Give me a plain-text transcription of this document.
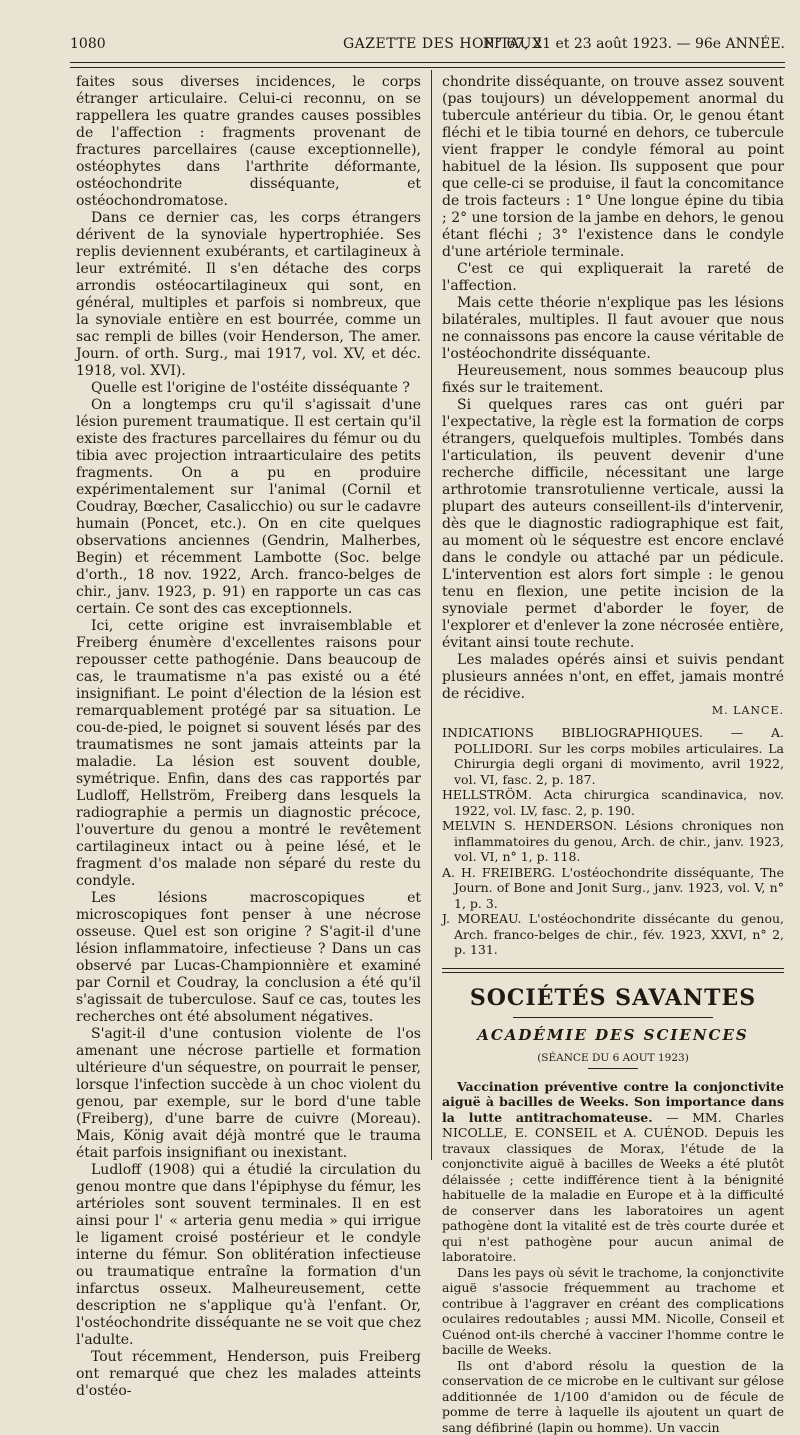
1080	GAZETTE DES HOPITAUX
N° 67, 21 et 23 août 1923. — 96e ANNÉE.

faites sous diverses incidences, le corps étranger articulaire. Celui-ci reconnu, on se rappellera les quatre grandes causes possibles de l'affection : fragments provenant de fractures parcellaires (cause exceptionnelle), ostéophytes dans l'arthrite déformante, ostéochondrite disséquante, et ostéochondromatose.

Dans ce dernier cas, les corps étrangers dérivent de la synoviale hypertrophiée. Ses replis deviennent exubérants, et cartilagineux à leur extrémité. Il s'en détache des corps arrondis ostéocartilagineux qui sont, en général, multiples et parfois si nombreux, que la synoviale entière en est bourrée, comme un sac rempli de billes (voir Henderson, The amer. Journ. of orth. Surg., mai 1917, vol. XV, et déc. 1918, vol. XVI).

Quelle est l'origine de l'ostéite disséquante ?

On a longtemps cru qu'il s'agissait d'une lésion purement traumatique. Il est certain qu'il existe des fractures parcellaires du fémur ou du tibia avec projection intraarticulaire des petits fragments. On a pu en produire expérimentalement sur l'animal (Cornil et Coudray, Bœcher, Casalicchio) ou sur le cadavre humain (Poncet, etc.). On en cite quelques observations anciennes (Gendrin, Malherbes, Begin) et récemment Lambotte (Soc. belge d'orth., 18 nov. 1922, Arch. franco-belges de chir., janv. 1923, p. 91) en rapporte un cas cas certain. Ce sont des cas exceptionnels.

Ici, cette origine est invraisemblable et Freiberg énumère d'excellentes raisons pour repousser cette pathogénie. Dans beaucoup de cas, le traumatisme n'a pas existé ou a été insignifiant. Le point d'élection de la lésion est remarquablement protégé par sa situation. Le cou-de-pied, le poignet si souvent lésés par des traumatismes ne sont jamais atteints par la maladie. La lésion est souvent double, symétrique. Enfin, dans des cas rapportés par Ludloff, Hellström, Freiberg dans lesquels la radiographie a permis un diagnostic précoce, l'ouverture du genou a montré le revêtement cartilagineux intact ou à peine lésé, et le fragment d'os malade non séparé du reste du condyle.

Les lésions macroscopiques et microscopiques font penser à une nécrose osseuse. Quel est son origine ? S'agit-il d'une lésion inflammatoire, infectieuse ? Dans un cas observé par Lucas-Championnière et examiné par Cornil et Coudray, la conclusion a été qu'il s'agissait de tuberculose. Sauf ce cas, toutes les recherches ont été absolument négatives.

S'agit-il d'une contusion violente de l'os amenant une nécrose partielle et formation ultérieure d'un séquestre, on pourrait le penser, lorsque l'infection succède à un choc violent du genou, par exemple, sur le bord d'une table (Freiberg), d'une barre de cuivre (Moreau). Mais, König avait déjà montré que le trauma était parfois insignifiant ou inexistant.

Ludloff (1908) qui a étudié la circulation du genou montre que dans l'épiphyse du fémur, les artérioles sont souvent terminales. Il en est ainsi pour l' « arteria genu media » qui irrigue le ligament croisé postérieur et le condyle interne du fémur. Son oblitération infectieuse ou traumatique entraîne la formation d'un infarctus osseux. Malheureusement, cette description ne s'applique qu'à l'enfant. Or, l'ostéochondrite disséquante ne se voit que chez l'adulte.

Tout récemment, Henderson, puis Freiberg ont remarqué que chez les malades atteints d'ostéo-

chondrite disséquante, on trouve assez souvent (pas toujours) un développement anormal du tubercule antérieur du tibia. Or, le genou étant fléchi et le tibia tourné en dehors, ce tubercule vient frapper le condyle fémoral au point habituel de la lésion. Ils supposent que pour que celle-ci se produise, il faut la concomitance de trois facteurs : 1° Une longue épine du tibia ; 2° une torsion de la jambe en dehors, le genou étant fléchi ; 3° l'existence dans le condyle d'une artériole terminale.

C'est ce qui expliquerait la rareté de l'affection.

Mais cette théorie n'explique pas les lésions bilatérales, multiples. Il faut avouer que nous ne connaissons pas encore la cause véritable de l'ostéochondrite disséquante.

Heureusement, nous sommes beaucoup plus fixés sur le traitement.

Si quelques rares cas ont guéri par l'expectative, la règle est la formation de corps étrangers, quelquefois multiples. Tombés dans l'articulation, ils peuvent devenir d'une recherche difficile, nécessitant une large arthrotomie transrotulienne verticale, aussi la plupart des auteurs conseillent-ils d'intervenir, dès que le diagnostic radiographique est fait, au moment où le séquestre est encore enclavé dans le condyle ou attaché par un pédicule. L'intervention est alors fort simple : le genou tenu en flexion, une petite incision de la synoviale permet d'aborder le foyer, de l'explorer et d'enlever la zone nécrosée entière, évitant ainsi toute rechute.

Les malades opérés ainsi et suivis pendant plusieurs années n'ont, en effet, jamais montré de récidive.

M. LANCE.

INDICATIONS BIBLIOGRAPHIQUES. — A. POLLIDORI. Sur les corps mobiles articulaires. La Chirurgia degli organi di movimento, avril 1922, vol. VI, fasc. 2, p. 187.

HELLSTRÖM. Acta chirurgica scandinavica, nov. 1922, vol. LV, fasc. 2, p. 190.

MELVIN S. HENDERSON. Lésions chroniques non inflammatoires du genou, Arch. de chir., janv. 1923, vol. VI, n° 1, p. 118.

A. H. FREIBERG. L'ostéochondrite disséquante, The Journ. of Bone and Jonit Surg., janv. 1923, vol. V, n° 1, p. 3.

J. MOREAU. L'ostéochondrite dissécante du genou, Arch. franco-belges de chir., fév. 1923, XXVI, n° 2, p. 131.

SOCIÉTÉS SAVANTES
ACADÉMIE DES SCIENCES
(SÉANCE DU 6 AOUT 1923)

Vaccination préventive contre la conjonctivite aiguë à bacilles de Weeks. Son importance dans la lutte antitrachomateuse. — MM. Charles NICOLLE, E. CONSEIL et A. CUÉNOD. Depuis les travaux classiques de Morax, l'étude de la conjonctivite aiguë à bacilles de Weeks a été plutôt délaissée ; cette indifférence tient à la bénignité habituelle de la maladie en Europe et à la difficulté de conserver dans les laboratoires un agent pathogène dont la vitalité est de très courte durée et qui n'est pathogène pour aucun animal de laboratoire.

Dans les pays où sévit le trachome, la conjonctivite aiguë s'associe fréquemment au trachome et contribue à l'aggraver en créant des complications oculaires redoutables ; aussi MM. Nicolle, Conseil et Cuénod ont-ils cherché à vacciner l'homme contre le bacille de Weeks.

Ils ont d'abord résolu la question de la conservation de ce microbe en le cultivant sur gélose additionnée de 1/100 d'amidon ou de fécule de pomme de terre à laquelle ils ajoutent un quart de sang défibriné (lapin ou homme). Un vaccin
